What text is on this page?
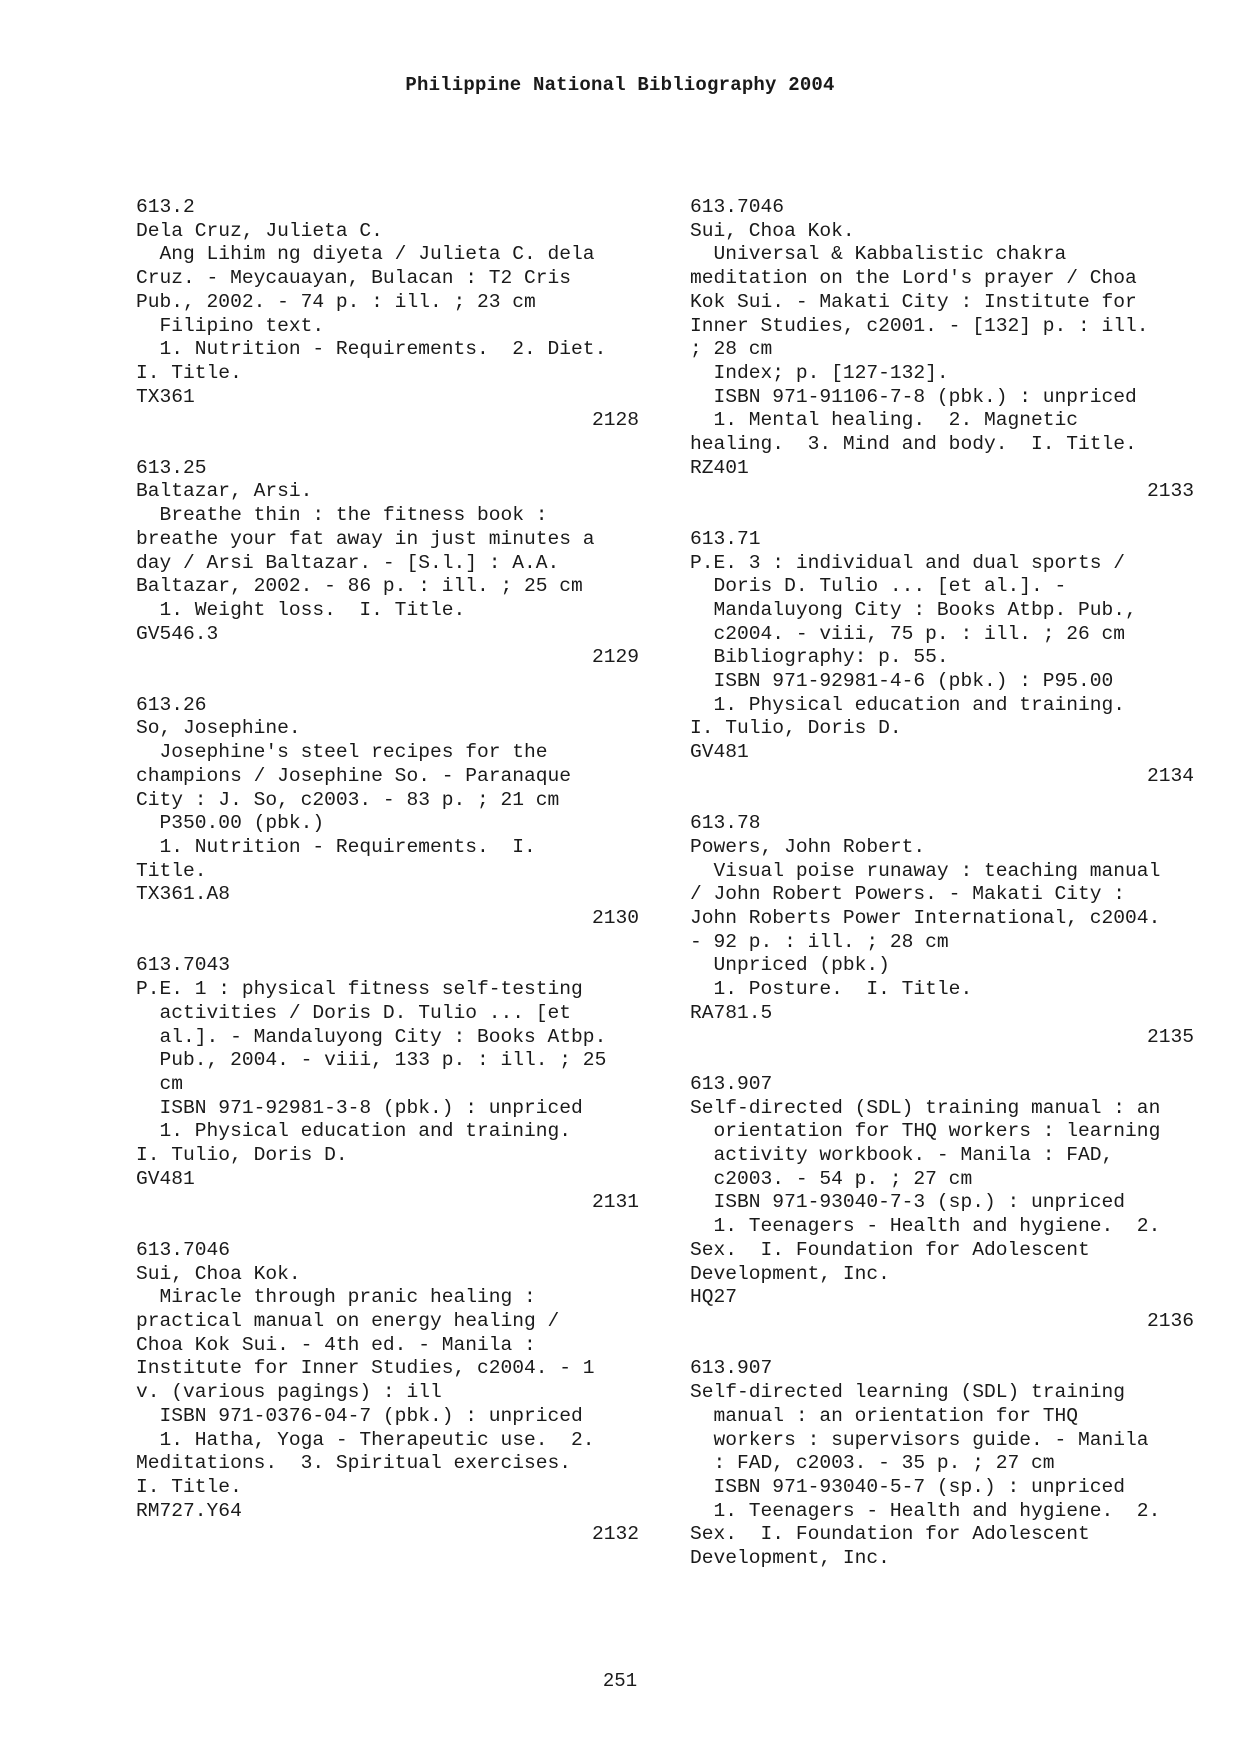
Philippine National Bibliography 2004
613.2
Dela Cruz, Julieta C.
Ang Lihim ng diyeta / Julieta C. dela
Cruz. - Meycauayan, Bulacan : T2 Cris
Pub., 2002. - 74 p. : ill. ; 23 cm
Filipino text.
1. Nutrition - Requirements.  2. Diet.
I. Title.
TX361
2128
613.25
Baltazar, Arsi.
Breathe thin : the fitness book :
breathe your fat away in just minutes a
day / Arsi Baltazar. - [S.l.] : A.A.
Baltazar, 2002. - 86 p. : ill. ; 25 cm
1. Weight loss.  I. Title.
GV546.3
2129
613.26
So, Josephine.
Josephine's steel recipes for the
champions / Josephine So. - Paranaque
City : J. So, c2003. - 83 p. ; 21 cm
P350.00 (pbk.)
1. Nutrition - Requirements.  I.
Title.
TX361.A8
2130
613.7043
P.E. 1 : physical fitness self-testing
activities / Doris D. Tulio ... [et
al.]. - Mandaluyong City : Books Atbp.
Pub., 2004. - viii, 133 p. : ill. ; 25
cm
ISBN 971-92981-3-8 (pbk.) : unpriced
1. Physical education and training.
I. Tulio, Doris D.
GV481
2131
613.7046
Sui, Choa Kok.
Miracle through pranic healing :
practical manual on energy healing /
Choa Kok Sui. - 4th ed. - Manila :
Institute for Inner Studies, c2004. - 1
v. (various pagings) : ill
ISBN 971-0376-04-7 (pbk.) : unpriced
1. Hatha, Yoga - Therapeutic use.  2.
Meditations.  3. Spiritual exercises.
I. Title.
RM727.Y64
2132
613.7046
Sui, Choa Kok.
Universal & Kabbalistic chakra
meditation on the Lord's prayer / Choa
Kok Sui. - Makati City : Institute for
Inner Studies, c2001. - [132] p. : ill.
; 28 cm
Index; p. [127-132].
ISBN 971-91106-7-8 (pbk.) : unpriced
1. Mental healing.  2. Magnetic
healing.  3. Mind and body.  I. Title.
RZ401
2133
613.71
P.E. 3 : individual and dual sports /
Doris D. Tulio ... [et al.]. -
Mandaluyong City : Books Atbp. Pub.,
c2004. - viii, 75 p. : ill. ; 26 cm
Bibliography: p. 55.
ISBN 971-92981-4-6 (pbk.) : P95.00
1. Physical education and training.
I. Tulio, Doris D.
GV481
2134
613.78
Powers, John Robert.
Visual poise runaway : teaching manual
/ John Robert Powers. - Makati City :
John Roberts Power International, c2004.
- 92 p. : ill. ; 28 cm
Unpriced (pbk.)
1. Posture.  I. Title.
RA781.5
2135
613.907
Self-directed (SDL) training manual : an
orientation for THQ workers : learning
activity workbook. - Manila : FAD,
c2003. - 54 p. ; 27 cm
ISBN 971-93040-7-3 (sp.) : unpriced
1. Teenagers - Health and hygiene.  2.
Sex.  I. Foundation for Adolescent
Development, Inc.
HQ27
2136
613.907
Self-directed learning (SDL) training
manual : an orientation for THQ
workers : supervisors guide. - Manila
: FAD, c2003. - 35 p. ; 27 cm
ISBN 971-93040-5-7 (sp.) : unpriced
1. Teenagers - Health and hygiene.  2.
Sex.  I. Foundation for Adolescent
Development, Inc.
251
